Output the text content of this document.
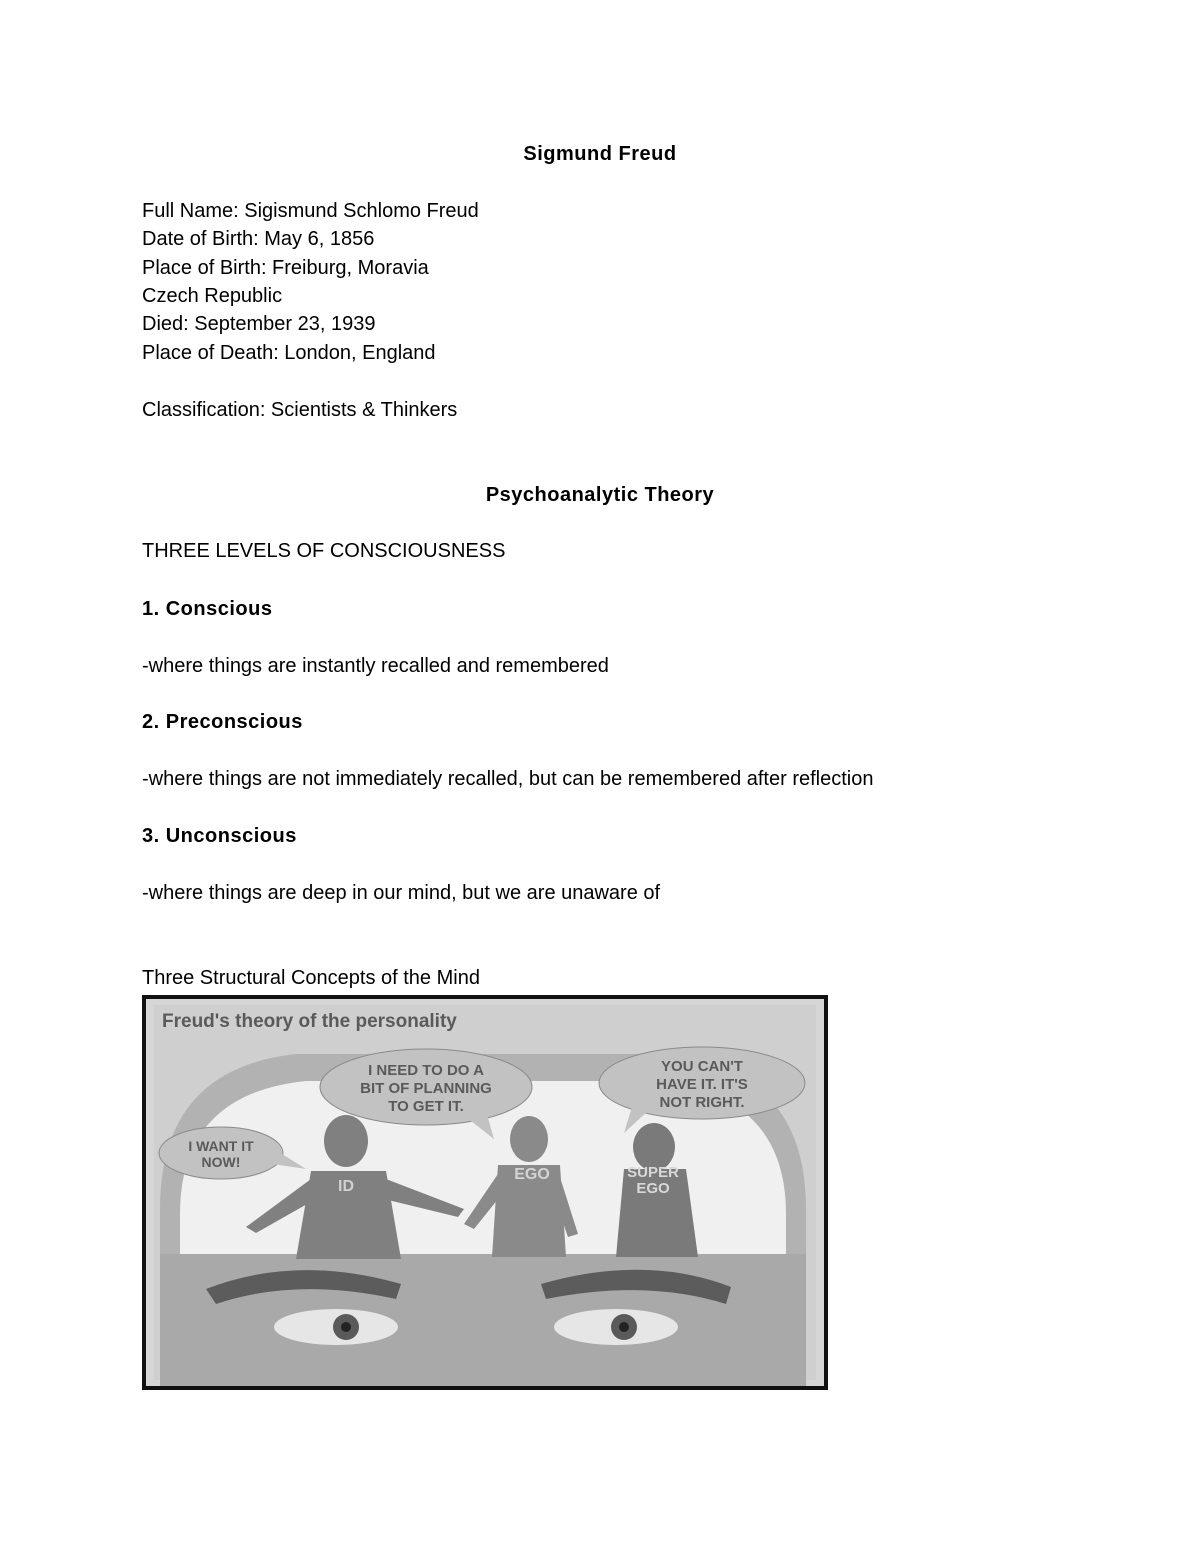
Sigmund Freud
Full Name: Sigismund Schlomo Freud
Date of Birth: May 6, 1856
Place of Birth: Freiburg, Moravia
Czech Republic
Died: September 23, 1939
Place of Death: London, England
Classification: Scientists & Thinkers
Psychoanalytic Theory
THREE LEVELS OF CONSCIOUSNESS
1. Conscious
-where things are instantly recalled and remembered
2. Preconscious
-where things are not immediately recalled, but can be remembered after reflection
3. Unconscious
-where things are deep in our mind, but we are unaware of
Three Structural Concepts of the Mind
Freud's theory of the personality
ID
EGO	SUPER
EGO
I WANT IT
NOW!
I NEED TO DO A
BIT OF PLANNING
TO GET IT.
YOU CAN'T
HAVE IT. IT'S
NOT RIGHT.
